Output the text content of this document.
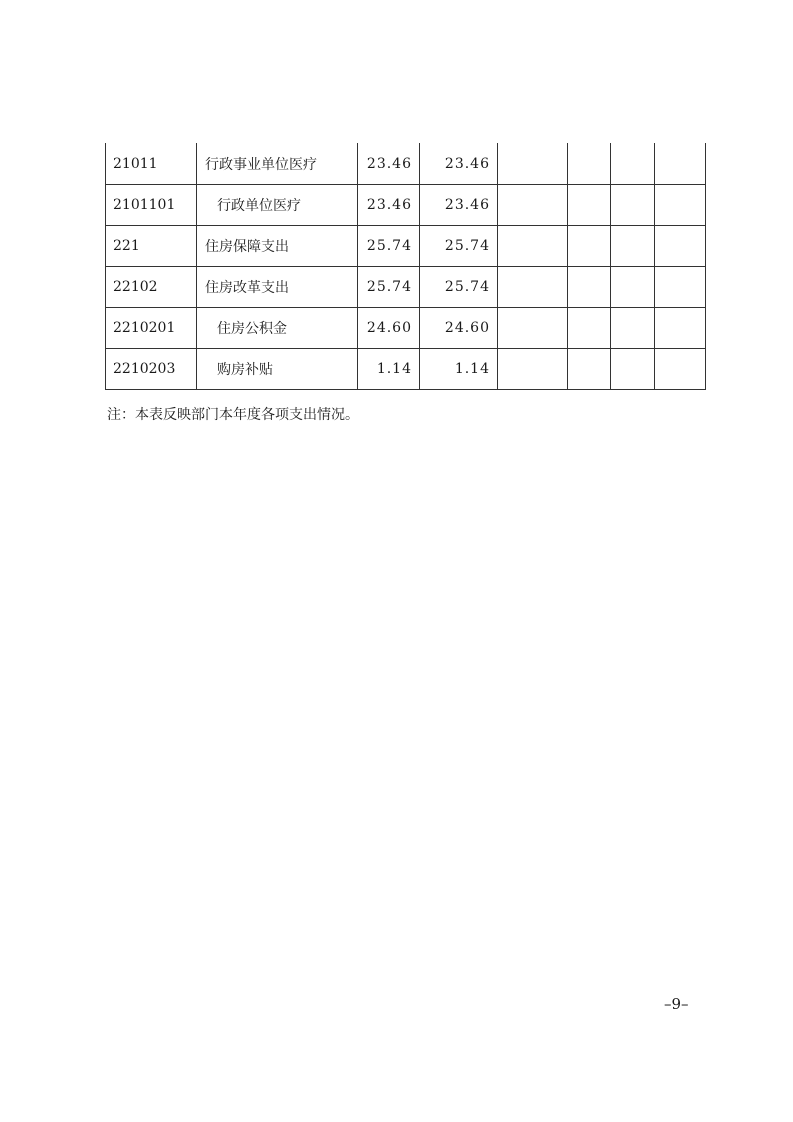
21011	行政事业单位医疗	23.46	23.46				
2101101	行政单位医疗	23.46	23.46				
221	住房保障支出	25.74	25.74				
22102	住房改革支出	25.74	25.74				
2210201	住房公积金	24.60	24.60				
2210203	购房补贴	1.14	1.14				
注：本表反映部门本年度各项支出情况。
–9–
